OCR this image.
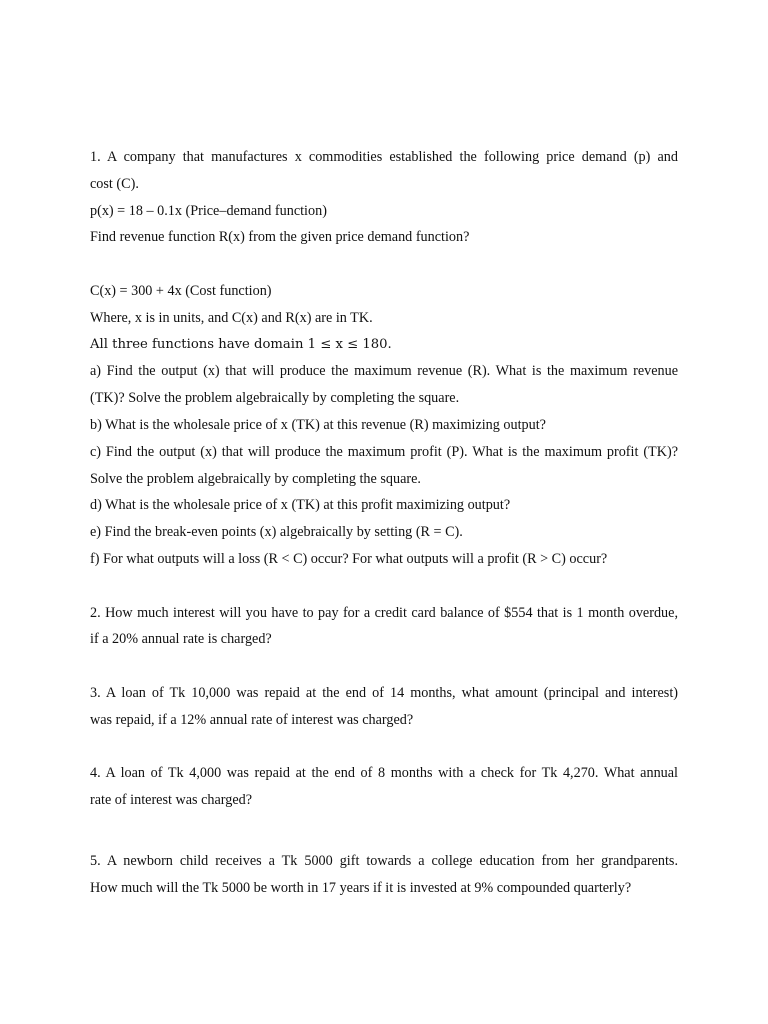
1. A company that manufactures x commodities established the following price demand (p) and
cost (C).
p(x) = 18 – 0.1x (Price–demand function)
Find revenue function R(x) from the given price demand function?
C(x) = 300 + 4x (Cost function)
Where, x is in units, and C(x) and R(x) are in TK.
All three functions have domain 1 ≤ x ≤ 180.
a) Find the output (x) that will produce the maximum revenue (R). What is the maximum revenue
(TK)? Solve the problem algebraically by completing the square.
b) What is the wholesale price of x (TK) at this revenue (R) maximizing output?
c) Find the output (x) that will produce the maximum profit (P). What is the maximum profit (TK)?
Solve the problem algebraically by completing the square.
d) What is the wholesale price of x (TK) at this profit maximizing output?
e) Find the break-even points (x) algebraically by setting (R = C).
f) For what outputs will a loss (R < C) occur? For what outputs will a profit (R > C) occur?
2. How much interest will you have to pay for a credit card balance of $554 that is 1 month overdue,
if a 20% annual rate is charged?
3. A loan of Tk 10,000 was repaid at the end of 14 months, what amount (principal and interest)
was repaid, if a 12% annual rate of interest was charged?
4. A loan of Tk 4,000 was repaid at the end of 8 months with a check for Tk 4,270. What annual
rate of interest was charged?
5. A newborn child receives a Tk 5000 gift towards a college education from her grandparents.
How much will the Tk 5000 be worth in 17 years if it is invested at 9% compounded quarterly?
